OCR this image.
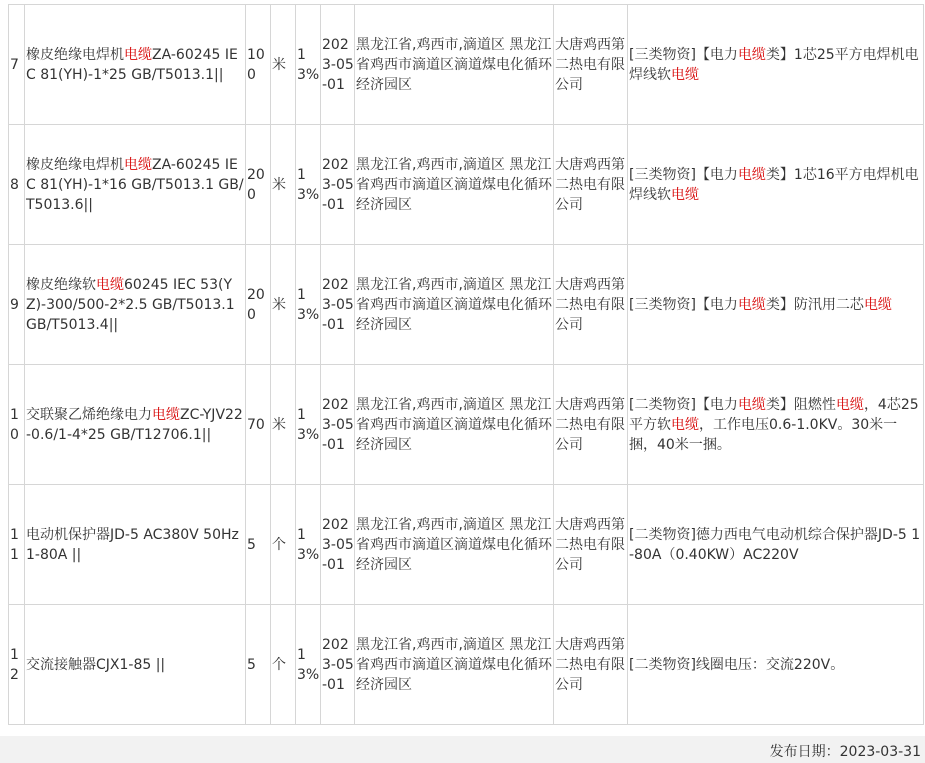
7	橡皮绝缘电焊机电缆ZA-60245 IEC 81(YH)-1*25 GB/T5013.1||	100	米	13%	2023-05-01	黑龙江省,鸡西市,滴道区 黑龙江省鸡西市滴道区滴道煤电化循环经济园区	大唐鸡西第二热电有限公司	[三类物资]【电力电缆类】1芯25平方电焊机电焊线软电缆
8	橡皮绝缘电焊机电缆ZA-60245 IEC 81(YH)-1*16 GB/T5013.1 GB/T5013.6||	200	米	13%	2023-05-01	黑龙江省,鸡西市,滴道区 黑龙江省鸡西市滴道区滴道煤电化循环经济园区	大唐鸡西第二热电有限公司	[三类物资]【电力电缆类】1芯16平方电焊机电焊线软电缆
9	橡皮绝缘软电缆60245 IEC 53(YZ)-300/500-2*2.5 GB/T5013.1 GB/T5013.4||	200	米	13%	2023-05-01	黑龙江省,鸡西市,滴道区 黑龙江省鸡西市滴道区滴道煤电化循环经济园区	大唐鸡西第二热电有限公司	[三类物资]【电力电缆类】防汛用二芯电缆
10	交联聚乙烯绝缘电力电缆ZC-YJV22-0.6/1-4*25 GB/T12706.1||	70	米	13%	2023-05-01	黑龙江省,鸡西市,滴道区 黑龙江省鸡西市滴道区滴道煤电化循环经济园区	大唐鸡西第二热电有限公司	[二类物资]【电力电缆类】阻燃性电缆，4芯25平方软电缆，工作电压0.6-1.0KV。30米一捆，40米一捆。
11	电动机保护器JD-5 AC380V 50Hz 1-80A ||	5	个	13%	2023-05-01	黑龙江省,鸡西市,滴道区 黑龙江省鸡西市滴道区滴道煤电化循环经济园区	大唐鸡西第二热电有限公司	[二类物资]德力西电气电动机综合保护器JD-5 1-80A（0.40KW）AC220V
12	交流接触器CJX1-85 ||	5	个	13%	2023-05-01	黑龙江省,鸡西市,滴道区 黑龙江省鸡西市滴道区滴道煤电化循环经济园区	大唐鸡西第二热电有限公司	[二类物资]线圈电压：交流220V。
发布日期：2023-03-31
